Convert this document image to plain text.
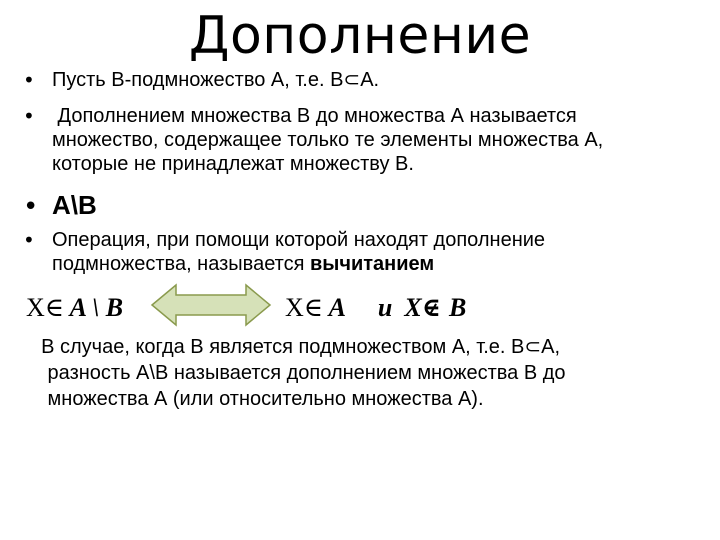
Дополнение
• Пусть В-подмножество А, т.е. В⊂А.
• Дополнением множества В до множества А называется
множество, содержащее только те элементы множества А,
которые не принадлежат множеству В.
• А\В
• Операция, при помощи которой находят дополнение
подмножества, называется вычитанием
X∈ A \ B	X∈ A и X∈ B
В случае, когда В является подмножеством А, т.е. В⊂А,
разность А\В называется дополнением множества В до
множества А (или относительно множества А).
